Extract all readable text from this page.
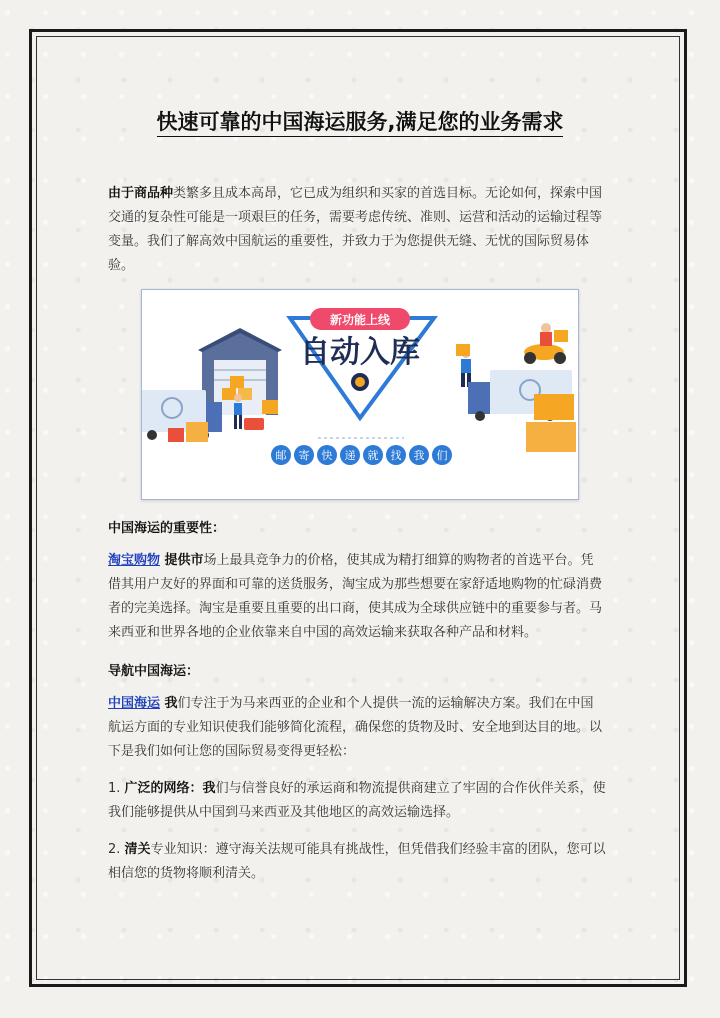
快速可靠的中国海运服务,满足您的业务需求
由于商品种类繁多且成本高昂，它已成为组织和买家的首选目标。无论如何，探索中国交通的复杂性可能是一项艰巨的任务，需要考虑传统、准则、运营和活动的运输过程等变量。我们了解高效中国航运的重要性，并致力于为您提供无缝、无忧的国际贸易体验。
新功能上线
自动入库
邮 寄 快 递 就 找 我 们
中国海运的重要性：
淘宝购物 提供市场上最具竞争力的价格，使其成为精打细算的购物者的首选平台。凭借其用户友好的界面和可靠的送货服务，淘宝成为那些想要在家舒适地购物的忙碌消费者的完美选择。淘宝是重要且重要的出口商，使其成为全球供应链中的重要参与者。马来西亚和世界各地的企业依靠来自中国的高效运输来获取各种产品和材料。
导航中国海运：
中国海运 我们专注于为马来西亚的企业和个人提供一流的运输解决方案。我们在中国航运方面的专业知识使我们能够简化流程，确保您的货物及时、安全地到达目的地。以下是我们如何让您的国际贸易变得更轻松：
1. 广泛的网络：我们与信誉良好的承运商和物流提供商建立了牢固的合作伙伴关系，使我们能够提供从中国到马来西亚及其他地区的高效运输选择。
2. 清关专业知识：遵守海关法规可能具有挑战性，但凭借我们经验丰富的团队，您可以相信您的货物将顺利清关。
